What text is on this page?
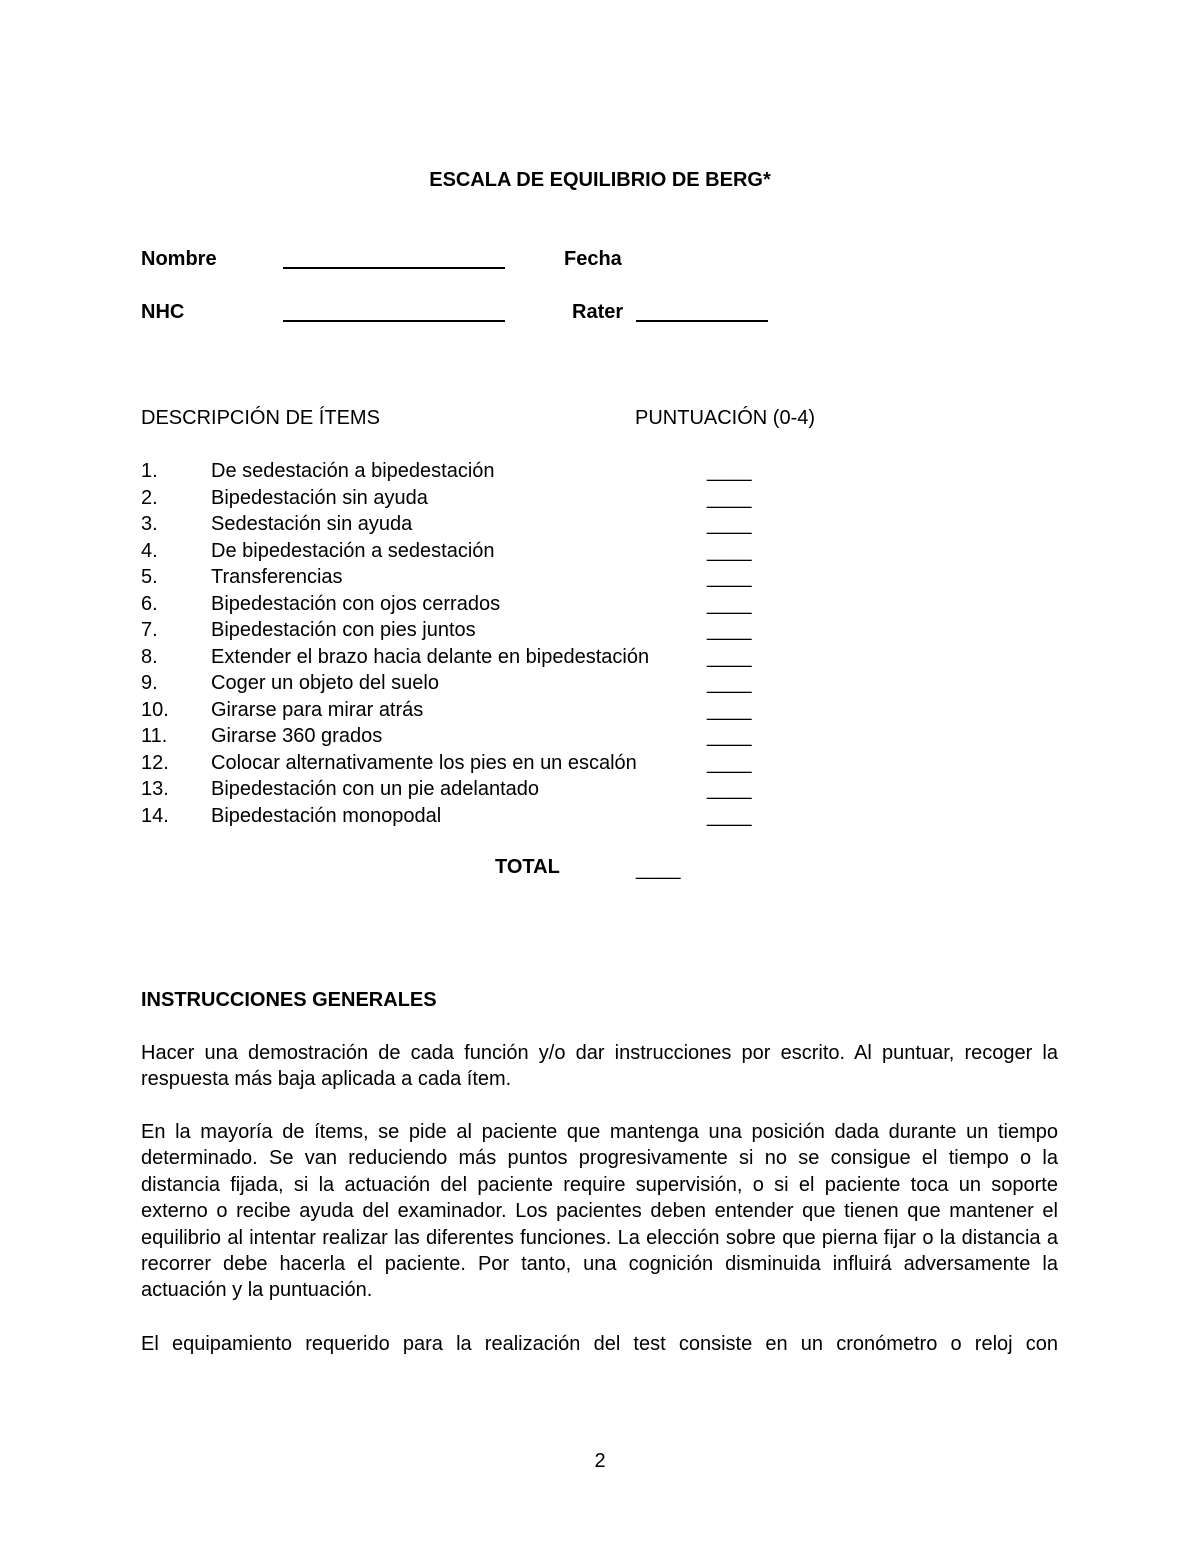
ESCALA DE EQUILIBRIO DE BERG*
Nombre	Fecha
NHC	Rater
DESCRIPCIÓN DE ÍTEMS	PUNTUACIÓN (0-4)
1.	De sedestación a bipedestación	____
2.	Bipedestación sin ayuda	____
3.	Sedestación sin ayuda	____
4.	De bipedestación a sedestación	____
5.	Transferencias	____
6.	Bipedestación con ojos cerrados	____
7.	Bipedestación con pies juntos	____
8.	Extender el brazo hacia delante en bipedestación	____
9.	Coger un objeto del suelo	____
10. Girarse para mirar atrás	____
11. Girarse 360 grados	____
12. Colocar alternativamente los pies en un escalón	____
13. Bipedestación con un pie adelantado	____
14. Bipedestación monopodal	____
TOTAL	____
INSTRUCCIONES GENERALES
Hacer una demostración de cada función y/o dar instrucciones por escrito. Al puntuar, recoger la respuesta más baja aplicada a cada ítem.
En la mayoría de ítems, se pide al paciente que mantenga una posición dada durante un tiempo determinado. Se van reduciendo más puntos progresivamente si no se consigue el tiempo o la distancia fijada, si la actuación del paciente require supervisión, o si el paciente toca un soporte externo o recibe ayuda del examinador. Los pacientes deben entender que tienen que mantener el equilibrio al intentar realizar las diferentes funciones. La elección sobre que pierna fijar o la distancia a recorrer debe hacerla el paciente. Por tanto, una cognición disminuida influirá adversamente la actuación y la puntuación.
El equipamiento requerido para la realización del test consiste en un cronómetro o reloj con
2
